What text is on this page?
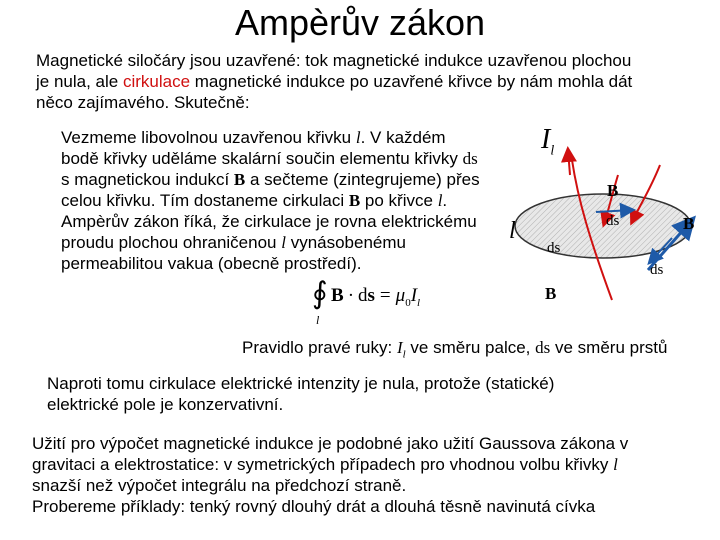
Ampèrův zákon
Magnetické siločáry jsou uzavřené: tok magnetické indukce uzavřenou plochou
je nula, ale cirkulace magnetické indukce po uzavřené křivce by nám mohla dát
něco zajímavého. Skutečně:
Vezmeme libovolnou uzavřenou křivku l. V každém
bodě křivky uděláme skalární součin elementu křivky ds
s magnetickou indukcí B a sečteme (zintegrujeme) přes
celou křivku. Tím dostaneme cirkulaci B po křivce l.
Ampèrův zákon říká, že cirkulace je rovna elektrickému
proudu plochou ohraničenou l vynásobenému
permeabilitou vakua (obecně prostředí).
∮
l
B · ds = $\mu_0I_l$
$I_l$
l
B
B
B
ds
ds
ds
Pravidlo pravé ruky: $I_l$ ve směru palce, ds ve směru prstů
Naproti tomu cirkulace elektrické intenzity je nula, protože (statické)
elektrické pole je konzervativní.
Užití pro výpočet magnetické indukce je podobné jako užití Gaussova zákona v
gravitaci a elektrostatice: v symetrických případech pro vhodnou volbu křivky l
snazší než výpočet integrálu na předchozí straně.
Probereme příklady: tenký rovný dlouhý drát a dlouhá těsně navinutá cívka
